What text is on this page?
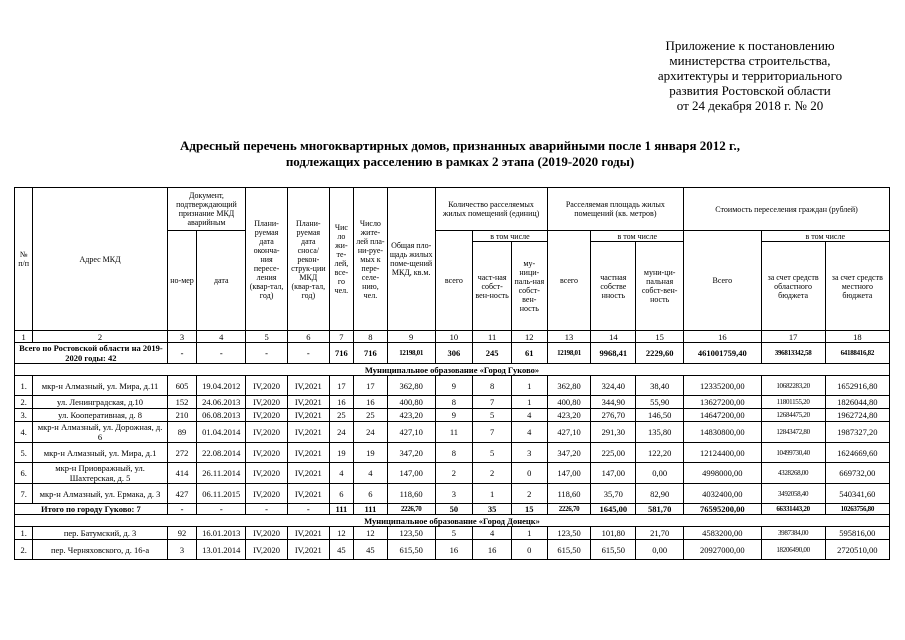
Приложение к постановлению
министерства строительства,
архитектуры и территориального
развития Ростовской области
от 24 декабря 2018 г. № 20
Адресный перечень многоквартирных домов, признанных аварийными после 1 января 2012 г.,
подлежащих расселению в рамках 2 этапа (2019-2020 годы)
№ п/п	Адрес МКД	Документ, подтверждающий признание МКД аварийным		Плани-руемая дата оконча-ния пересе-ления (квар-тал, год)	Плани-руемая дата сноса/ рекон-струк-ции МКД (квар-тал, год)	Чис ло жи-те-лей, все-го чел.	Число жите-лей пла-ни-руе-мых к пере-селе-нию, чел.	Общая пло-щадь жилых поме-щений МКД, кв.м.	Количество расселяемых жилых помещений (единиц)			Расселяемая площадь жилых помещений (кв. метров)			Стоимость переселения граждан (рублей)		
		но-мер	дата						всего	в том числе		всего	в том числе		Всего	в том числе	
										част-ная собст-вен-ность	му-ници-паль-ная собст-вен-ность		частная собстве нность	муни-ци-пальная собст-вен-ность		за счет средств областного бюджета	за счет средств местного бюджета
1	2	3	4	5	6	7	8	9	10	11	12	13	14	15	16	17	18
Всего по Ростовской области на 2019-2020 годы: 42		-	-	-	-	716	716	12198,01	306	245	61	12198,01	9968,41	2229,60	461001759,40	396813342,58	64188416,82
Муниципальное образование «Город Гуково»																	
1.	мкр-н Алмазный, ул. Мира, д.11	605	19.04.2012	IV,2020	IV,2021	17	17	362,80	9	8	1	362,80	324,40	38,40	12335200,00	10682283,20	1652916,80
2.	ул. Ленинградская, д.10	152	24.06.2013	IV,2020	IV,2021	16	16	400,80	8	7	1	400,80	344,90	55,90	13627200,00	11801155,20	1826044,80
3.	ул. Кооперативная, д. 8	210	06.08.2013	IV,2020	IV,2021	25	25	423,20	9	5	4	423,20	276,70	146,50	14647200,00	12684475,20	1962724,80
4.	мкр-н Алмазный, ул. Дорожная, д. 6	89	01.04.2014	IV,2020	IV,2021	24	24	427,10	11	7	4	427,10	291,30	135,80	14830800,00	12843472,80	1987327,20
5.	мкр-н Алмазный, ул. Мира, д.1	272	22.08.2014	IV,2020	IV,2021	19	19	347,20	8	5	3	347,20	225,00	122,20	12124400,00	10499730,40	1624669,60
6.	мкр-н Приовражный, ул. Шахтерская, д. 5	414	26.11.2014	IV,2020	IV,2021	4	4	147,00	2	2	0	147,00	147,00	0,00	4998000,00	4328268,00	669732,00
7.	мкр-н Алмазный, ул. Ермака, д. 3	427	06.11.2015	IV,2020	IV,2021	6	6	118,60	3	1	2	118,60	35,70	82,90	4032400,00	3492058,40	540341,60
Итого по городу Гуково: 7		-	-	-	-	111	111	2226,70	50	35	15	2226,70	1645,00	581,70	76595200,00	66331443,20	10263756,80
Муниципальное образование «Город Донецк»																	
1.	пер. Батумский, д. 3	92	16.01.2013	IV,2020	IV,2021	12	12	123,50	5	4	1	123,50	101,80	21,70	4583200,00	3987384,00	595816,00
2.	пер. Черняховского, д. 16-а	3	13.01.2014	IV,2020	IV,2021	45	45	615,50	16	16	0	615,50	615,50	0,00	20927000,00	18206490,00	2720510,00
